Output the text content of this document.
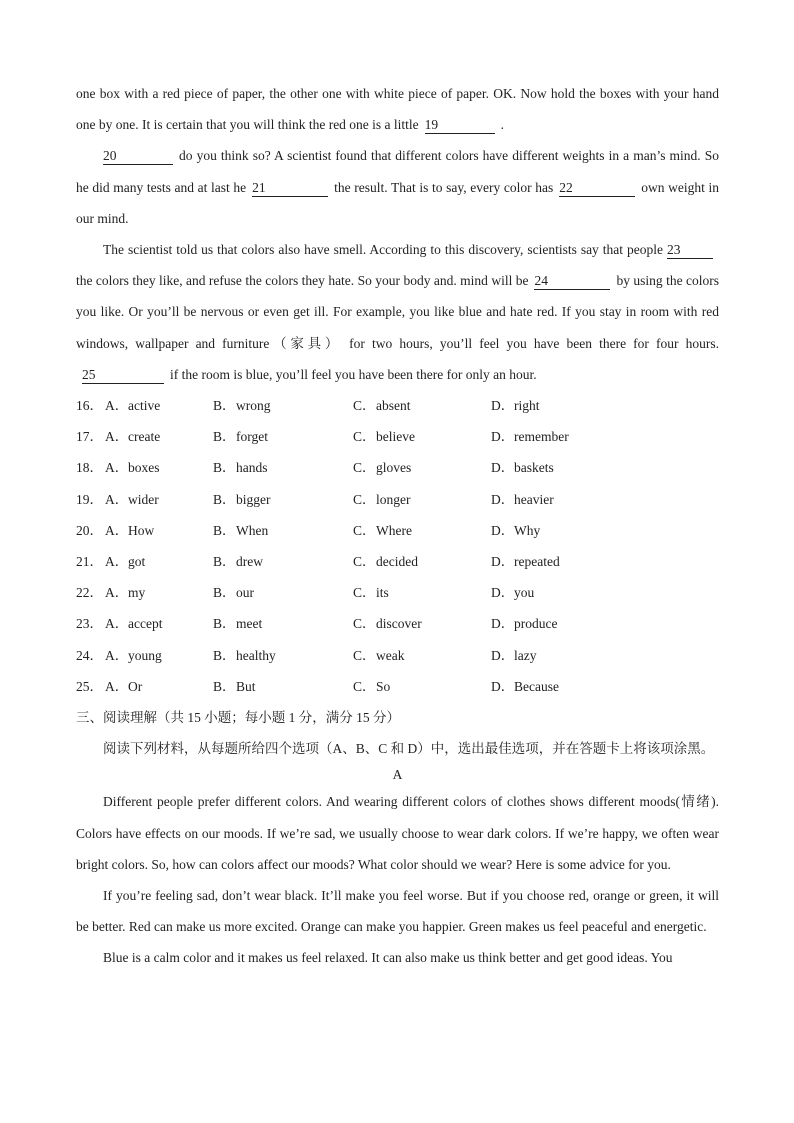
one box with a red piece of paper, the other one with white piece of paper. OK. Now hold the boxes with your hand one by one. It is certain that you will think the red one is a little 19	.

20	do you think so? A scientist found that different colors have different weights in a man’s mind. So he did many tests and at last he 21	the result. That is to say, every color has 22	own weight in our mind.

The scientist told us that colors also have smell. According to this discovery, scientists say that people 23the colors they like, and refuse the colors they hate. So your body and. mind will be 24	by using the colors you like. Or you’ll be nervous or even get ill. For example, you like blue and hate red. If you stay in room with red windows, wallpaper and furniture（家具） for two hours, you’ll feel you have been there for four hours.25	if the room is blue, you’ll feel you have been there for only an hour.

16． A． active	B． wrong	C． absent	D． right
17． A． create	B． forget	C． believe	D． remember
18． A． boxes	B． hands	C． gloves	D． baskets
19． A． wider	B． bigger	C． longer	D． heavier
20． A． How	B． When	C． Where	D． Why
21． A． got	B． drew	C． decided	D． repeated
22． A． my	B． our	C． its	D． you
23． A． accept	B． meet	C． discover	D． produce
24． A． young	B． healthy	C． weak	D． lazy
25． A． Or	B． But	C． So	D． Because

三、阅读理解（共 15 小题；每小题 1 分，满分 15 分）

阅读下列材料，从每题所给四个选项（A、B、C 和 D）中，选出最佳选项，并在答题卡上将该项涂黑。

A

Different people prefer different colors. And wearing different colors of clothes shows different moods(情绪). Colors have effects on our moods. If we’re sad, we usually choose to wear dark colors. If we’re happy, we often wear bright colors. So, how can colors affect our moods? What color should we wear? Here is some advice for you.

If you’re feeling sad, don’t wear black. It’ll make you feel worse. But if you choose red, orange or green, it will be better. Red can make us more excited. Orange can make you happier. Green makes us feel peaceful and energetic.

Blue is a calm color and it makes us feel relaxed. It can also make us think better and get good ideas. You
